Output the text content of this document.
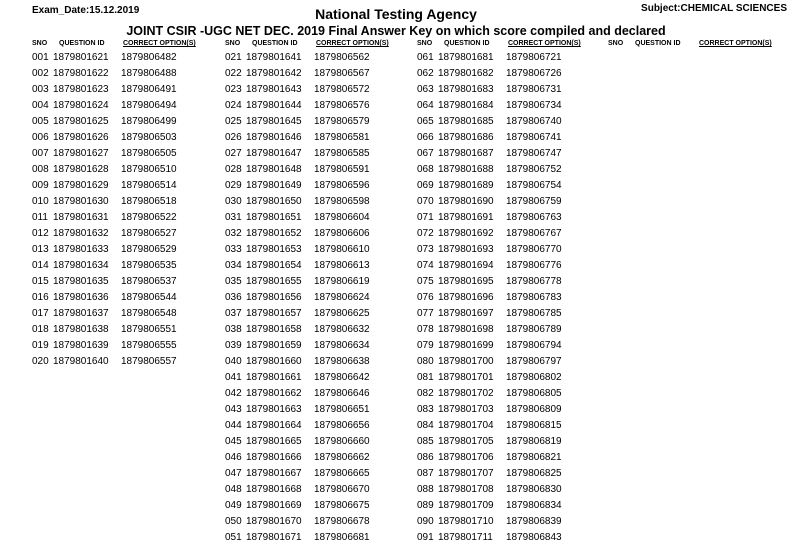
Exam_Date:15.12.2019	National Testing Agency	Subject:CHEMICAL SCIENCES
JOINT CSIR -UGC NET DEC. 2019 Final Answer Key on which score compiled and declared
SNO QUESTION ID	CORRECT OPTION(S)
001 1879801621 1879806482
002 1879801622 1879806488
003 1879801623 1879806491
004 1879801624 1879806494
005 1879801625 1879806499
006 1879801626 1879806503
007 1879801627 1879806505
008 1879801628 1879806510
009 1879801629 1879806514
010 1879801630 1879806518
011 1879801631 1879806522
012 1879801632 1879806527
013 1879801633 1879806529
014 1879801634 1879806535
015 1879801635 1879806537
016 1879801636 1879806544
017 1879801637 1879806548
018 1879801638 1879806551
019 1879801639 1879806555
020 1879801640 1879806557
SNO QUESTION ID	CORRECT OPTION(S)
021 1879801641 1879806562
022 1879801642 1879806567
023 1879801643 1879806572
024 1879801644 1879806576
025 1879801645 1879806579
026 1879801646 1879806581
027 1879801647 1879806585
028 1879801648 1879806591
029 1879801649 1879806596
030 1879801650 1879806598
031 1879801651 1879806604
032 1879801652 1879806606
033 1879801653 1879806610
034 1879801654 1879806613
035 1879801655 1879806619
036 1879801656 1879806624
037 1879801657 1879806625
038 1879801658 1879806632
039 1879801659 1879806634
040 1879801660 1879806638
041 1879801661 1879806642
042 1879801662 1879806646
043 1879801663 1879806651
044 1879801664 1879806656
045 1879801665 1879806660
046 1879801666 1879806662
047 1879801667 1879806665
048 1879801668 1879806670
049 1879801669 1879806675
050 1879801670 1879806678
051 1879801671 1879806681
SNO QUESTION ID	CORRECT OPTION(S)
061 1879801681 1879806721
062 1879801682 1879806726
063 1879801683 1879806731
064 1879801684 1879806734
065 1879801685 1879806740
066 1879801686 1879806741
067 1879801687 1879806747
068 1879801688 1879806752
069 1879801689 1879806754
070 1879801690 1879806759
071 1879801691 1879806763
072 1879801692 1879806767
073 1879801693 1879806770
074 1879801694 1879806776
075 1879801695 1879806778
076 1879801696 1879806783
077 1879801697 1879806785
078 1879801698 1879806789
079 1879801699 1879806794
080 1879801700 1879806797
081 1879801701 1879806802
082 1879801702 1879806805
083 1879801703 1879806809
084 1879801704 1879806815
085 1879801705 1879806819
086 1879801706 1879806821
087 1879801707 1879806825
088 1879801708 1879806830
089 1879801709 1879806834
090 1879801710 1879806839
091 1879801711 1879806843
SNO QUESTION ID	CORRECT OPTION(S)
